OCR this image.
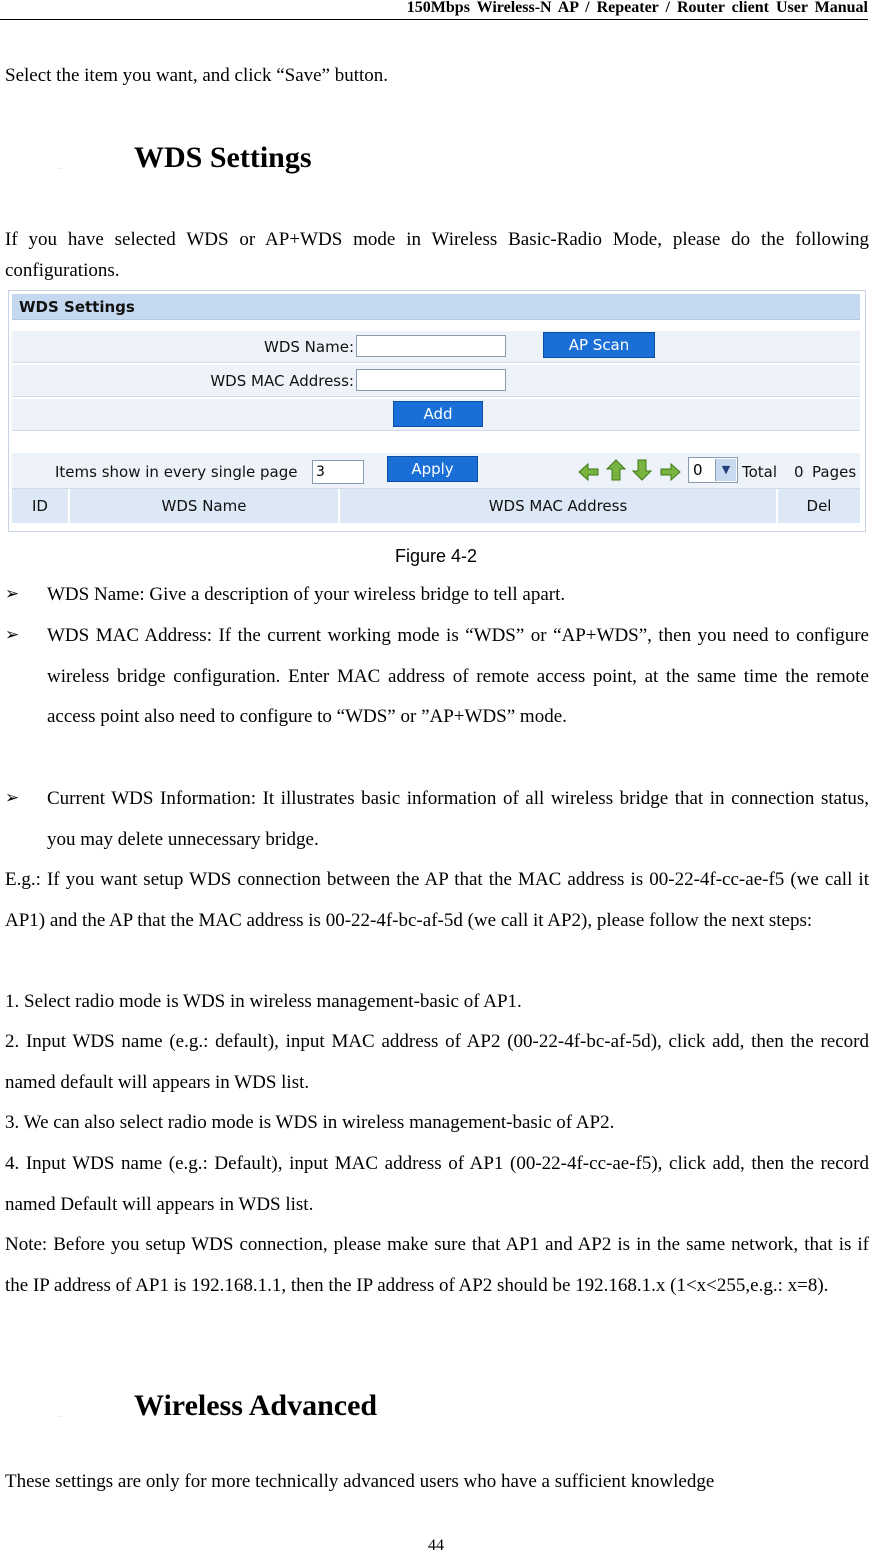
150Mbps Wireless-N AP / Repeater / Router client User Manual
Select the item you want, and click “Save” button.
… WDS Settings
If you have selected WDS or AP+WDS mode in Wireless Basic-Radio Mode, please do the following configurations.
WDS Settings
WDS Name:	AP Scan
WDS MAC Address:
Add
Items show in every single page
3	Apply	0	▼ Total 0 Pages
ID	WDS Name	WDS MAC Address	Del
Figure 4-2
➢ WDS Name: Give a description of your wireless bridge to tell apart.
➢ WDS MAC Address: If the current working mode is “WDS” or “AP+WDS”, then you need to configure wireless bridge configuration. Enter MAC address of remote access point, at the same time the remote access point also need to configure to “WDS” or ”AP+WDS” mode.
➢ Current WDS Information: It illustrates basic information of all wireless bridge that in connection status, you may delete unnecessary bridge.
E.g.: If you want setup WDS connection between the AP that the MAC address is 00-22-4f-cc-ae-f5 (we call it AP1) and the AP that the MAC address is 00-22-4f-bc-af-5d (we call it AP2), please follow the next steps:
1. Select radio mode is WDS in wireless management-basic of AP1.
2. Input WDS name (e.g.: default), input MAC address of AP2 (00-22-4f-bc-af-5d), click add, then the record named default will appears in WDS list.
3. We can also select radio mode is WDS in wireless management-basic of AP2.
4. Input WDS name (e.g.: Default), input MAC address of AP1 (00-22-4f-cc-ae-f5), click add, then the record named Default will appears in WDS list.
Note: Before you setup WDS connection, please make sure that AP1 and AP2 is in the same network, that is if the IP address of AP1 is 192.168.1.1, then the IP address of AP2 should be 192.168.1.x (1<x<255,e.g.: x=8).
… Wireless Advanced
These settings are only for more technically advanced users who have a sufficient knowledge
44
